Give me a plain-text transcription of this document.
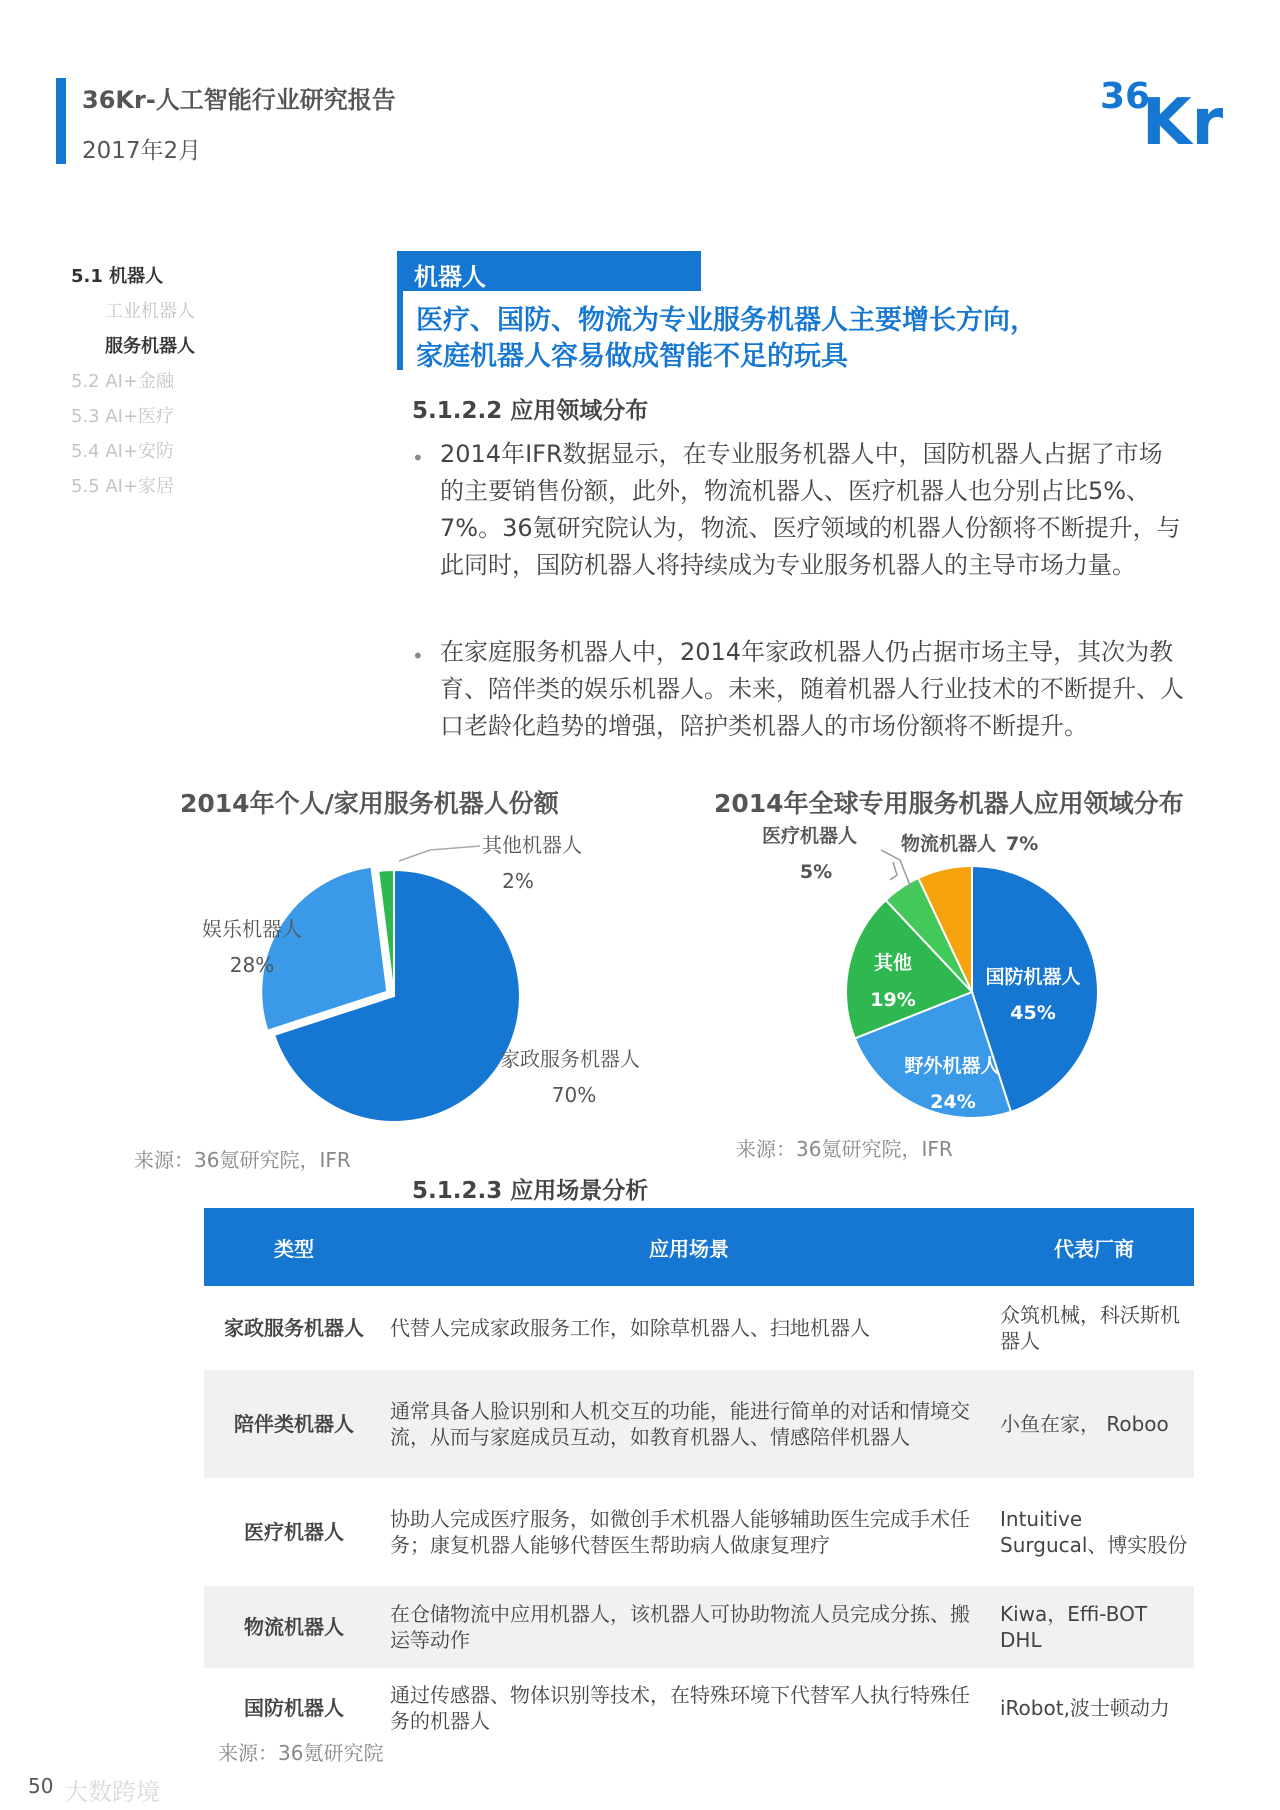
36Kr-人工智能行业研究报告
2017年2月
36
Kr
5.1 机器人
工业机器人
服务机器人
5.2 AI+金融
5.3 AI+医疗
5.4 AI+安防
5.5 AI+家居
机器人
医疗、国防、物流为专业服务机器人主要增长方向，
家庭机器人容易做成智能不足的玩具
5.1.2.2 应用领域分布
• 2014年IFR数据显示，在专业服务机器人中，国防机器人占据了市场的主要销售份额，此外，物流机器人、医疗机器人也分别占比5%、7%。36氪研究院认为，物流、医疗领域的机器人份额将不断提升，与此同时，国防机器人将持续成为专业服务机器人的主导市场力量。
• 在家庭服务机器人中，2014年家政机器人仍占据市场主导，其次为教育、陪伴类的娱乐机器人。未来，随着机器人行业技术的不断提升、人口老龄化趋势的增强，陪护类机器人的市场份额将不断提升。
2014年个人/家用服务机器人份额	2014年全球专用服务机器人应用领域分布
其他机器人
2%
娱乐机器人
28%
家政服务机器人
70%
来源：36氪研究院，IFR
医疗机器人
5%
物流机器人 7%
其他
19%
国防机器人
45%
野外机器人
24%
来源：36氪研究院，IFR
5.1.2.3 应用场景分析
类型	应用场景	代表厂商
家政服务机器人	代替人完成家政服务工作，如除草机器人、扫地机器人	众筑机械，科沃斯机器人
陪伴类机器人	通常具备人脸识别和人机交互的功能，能进行简单的对话和情境交流，从而与家庭成员互动，如教育机器人、情感陪伴机器人	小鱼在家， Roboo
医疗机器人	协助人完成医疗服务，如微创手术机器人能够辅助医生完成手术任务；康复机器人能够代替医生帮助病人做康复理疗	Intuitive Surgucal、博实股份
物流机器人	在仓储物流中应用机器人，该机器人可协助物流人员完成分拣、搬运等动作	Kiwa，Effi-BOT DHL
国防机器人	通过传感器、物体识别等技术，在特殊环境下代替军人执行特殊任务的机器人	iRobot,波士顿动力
来源：36氪研究院
50 大数跨境
